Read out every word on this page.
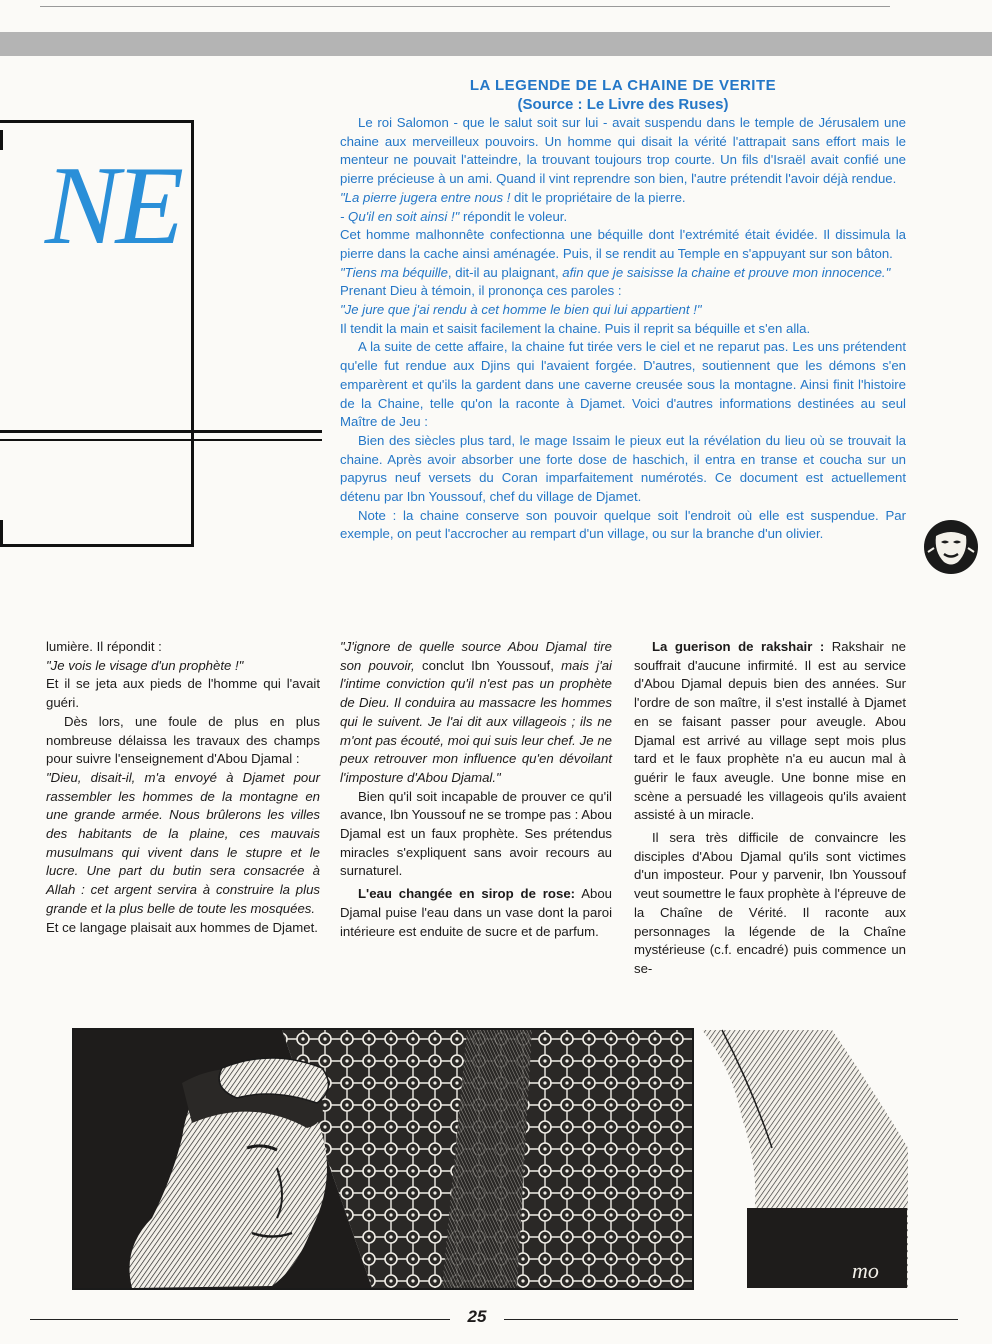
NE
LA LEGENDE DE LA CHAINE DE VERITE
(Source : Le Livre des Ruses)

Le roi Salomon - que le salut soit sur lui - avait suspendu dans le temple de Jérusalem une chaine aux merveilleux pouvoirs. Un homme qui disait la vérité l'attrapait sans effort mais le menteur ne pouvait l'atteindre, la trouvant toujours trop courte. Un fils d'Israël avait confié une pierre précieuse à un ami. Quand il vint reprendre son bien, l'autre prétendit l'avoir déjà rendue.

"La pierre jugera entre nous ! dit le propriétaire de la pierre.

- Qu'il en soit ainsi !" répondit le voleur.

Cet homme malhonnête confectionna une béquille dont l'extrémité était évidée. Il dissimula la pierre dans la cache ainsi aménagée. Puis, il se rendit au Temple en s'appuyant sur son bâton.

"Tiens ma béquille, dit-il au plaignant, afin que je saisisse la chaine et prouve mon innocence."

Prenant Dieu à témoin, il prononça ces paroles :

"Je jure que j'ai rendu à cet homme le bien qui lui appartient !"

Il tendit la main et saisit facilement la chaine. Puis il reprit sa béquille et s'en alla.

A la suite de cette affaire, la chaine fut tirée vers le ciel et ne reparut pas. Les uns prétendent qu'elle fut rendue aux Djins qui l'avaient forgée. D'autres, soutiennent que les démons s'en emparèrent et qu'ils la gardent dans une caverne creusée sous la montagne. Ainsi finit l'histoire de la Chaine, telle qu'on la raconte à Djamet. Voici d'autres informations destinées au seul Maître de Jeu :

Bien des siècles plus tard, le mage Issaim le pieux eut la révélation du lieu où se trouvait la chaine. Après avoir absorber une forte dose de haschich, il entra en transe et coucha sur un papyrus neuf versets du Coran imparfaitement numérotés. Ce document est actuellement détenu par Ibn Youssouf, chef du village de Djamet.

Note : la chaine conserve son pouvoir quelque soit l'endroit où elle est suspendue. Par exemple, on peut l'accrocher au rempart d'un village, ou sur la branche d'un olivier.

lumière. Il répondit :

"Je vois le visage d'un prophète !"

Et il se jeta aux pieds de l'homme qui l'avait guéri.

Dès lors, une foule de plus en plus nombreuse délaissa les travaux des champs pour suivre l'enseignement d'Abou Djamal :

"Dieu, disait-il, m'a envoyé à Djamet pour rassembler les hommes de la montagne en une grande armée. Nous brûlerons les villes des habitants de la plaine, ces mauvais musulmans qui vivent dans le stupre et le lucre. Une part du butin sera consacrée à Allah : cet argent servira à construire la plus grande et la plus belle de toute les mosquées.

Et ce langage plaisait aux hommes de Djamet.

"J'ignore de quelle source Abou Djamal tire son pouvoir, conclut Ibn Youssouf, mais j'ai l'intime conviction qu'il n'est pas un prophète de Dieu. Il conduira au massacre les hommes qui le suivent. Je l'ai dit aux villageois ; ils ne m'ont pas écouté, moi qui suis leur chef. Je ne peux retrouver mon influence qu'en dévoilant l'imposture d'Abou Djamal."

Bien qu'il soit incapable de prouver ce qu'il avance, Ibn Youssouf ne se trompe pas : Abou Djamal est un faux prophète. Ses prétendus miracles s'expliquent sans avoir recours au surnaturel.

L'eau changée en sirop de rose: Abou Djamal puise l'eau dans un vase dont la paroi intérieure est enduite de sucre et de parfum.

La guerison de rakshair : Rakshair ne souffrait d'aucune infirmité. Il est au service d'Abou Djamal depuis bien des années. Sur l'ordre de son maître, il s'est installé à Djamet en se faisant passer pour aveugle. Abou Djamal est arrivé au village sept mois plus tard et le faux prophète n'a eu aucun mal à guérir le faux aveugle. Une bonne mise en scène a persuadé les villageois qu'ils avaient assisté à un miracle.

Il sera très difficile de convaincre les disciples d'Abou Djamal qu'ils sont victimes d'un imposteur. Pour y parvenir, Ibn Youssouf veut soumettre le faux prophète à l'épreuve de la Chaîne de Vérité. Il raconte aux personnages la légende de la Chaîne mystérieuse (c.f. encadré) puis commence un se-

mo
25
